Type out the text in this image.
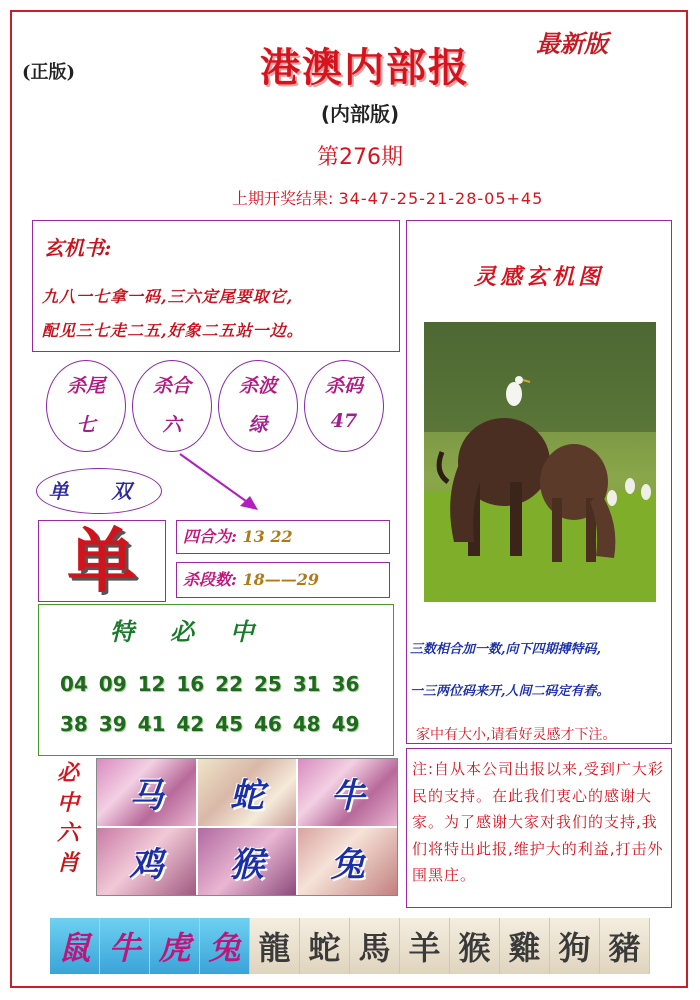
(正版)
最新版
港澳内部报
(内部版)
第276期
上期开奖结果: 34-47-25-21-28-05+45
玄机书:
九八一七拿一码,三六定尾要取它,
配见三七走二五,好象二五站一边。
杀尾
七
杀合
六
杀波
绿
杀码
47
单 双
单	四合为: 13 22
杀段数: 18——29
特必中
04 09 12 16 22 25 31 36
38 39 41 42 45 46 48 49
必
中
六
肖
马	蛇	牛
鸡	猴	兔
灵感玄机图
三数相合加一数,向下四期搏特码,
一三两位码来开,人间二码定有春。
家中有大小,请看好灵感才下注。
注:自从本公司出报以来,受到广大彩民的支持。在此我们衷心的感谢大家。为了感谢大家对我们的支持,我们将特出此报,维护大的利益,打击外围黑庄。
鼠 牛 虎 兔 龍 蛇 馬 羊 猴 雞 狗 豬
